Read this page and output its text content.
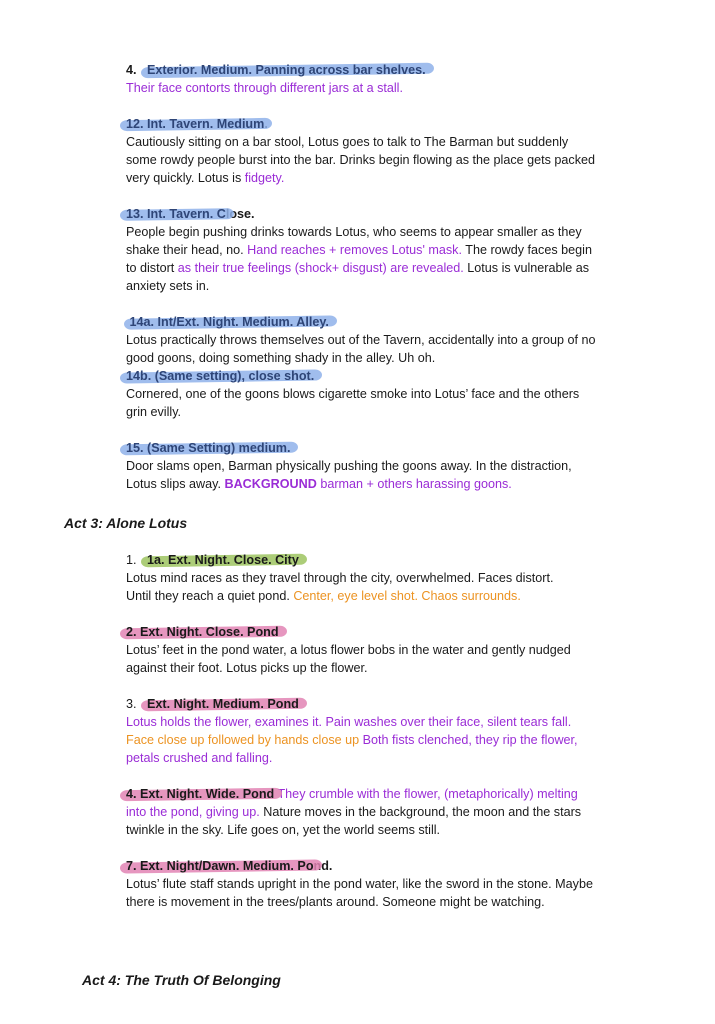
4. Exterior. Medium. Panning across bar shelves.
Their face contorts through different jars at a stall.
12. Int. Tavern. Medium.
Cautiously sitting on a bar stool, Lotus goes to talk to The Barman but suddenly
some rowdy people burst into the bar. Drinks begin flowing as the place gets packed
very quickly. Lotus is fidgety.
13. Int. Tavern. Close.
People begin pushing drinks towards Lotus, who seems to appear smaller as they
shake their head, no. Hand reaches + removes Lotus' mask. The rowdy faces begin
to distort as their true feelings (shock+ disgust) are revealed. Lotus is vulnerable as
anxiety sets in.
14a. Int/Ext. Night. Medium. Alley.
Lotus practically throws themselves out of the Tavern, accidentally into a group of no
good goons, doing something shady in the alley. Uh oh.
14b. (Same setting), close shot.
Cornered, one of the goons blows cigarette smoke into Lotus’ face and the others
grin evilly.
15. (Same Setting) medium.
Door slams open, Barman physically pushing the goons away. In the distraction,
Lotus slips away. BACKGROUND barman + others harassing goons.
Act 3: Alone Lotus
1. 1a. Ext. Night. Close. City
Lotus mind races as they travel through the city, overwhelmed. Faces distort.
Until they reach a quiet pond. Center, eye level shot. Chaos surrounds.
2. Ext. Night. Close. Pond
Lotus’ feet in the pond water, a lotus flower bobs in the water and gently nudged
against their foot. Lotus picks up the flower.
3. Ext. Night. Medium. Pond
Lotus holds the flower, examines it. Pain washes over their face, silent tears fall.
Face close up followed by hands close up Both fists clenched, they rip the flower,
petals crushed and falling.
4. Ext. Night. Wide. Pond They crumble with the flower, (metaphorically) melting
into the pond, giving up. Nature moves in the background, the moon and the stars
twinkle in the sky. Life goes on, yet the world seems still.
7. Ext. Night/Dawn. Medium. Pond.
Lotus’ flute staff stands upright in the pond water, like the sword in the stone. Maybe
there is movement in the trees/plants around. Someone might be watching.
Act 4: The Truth Of Belonging
